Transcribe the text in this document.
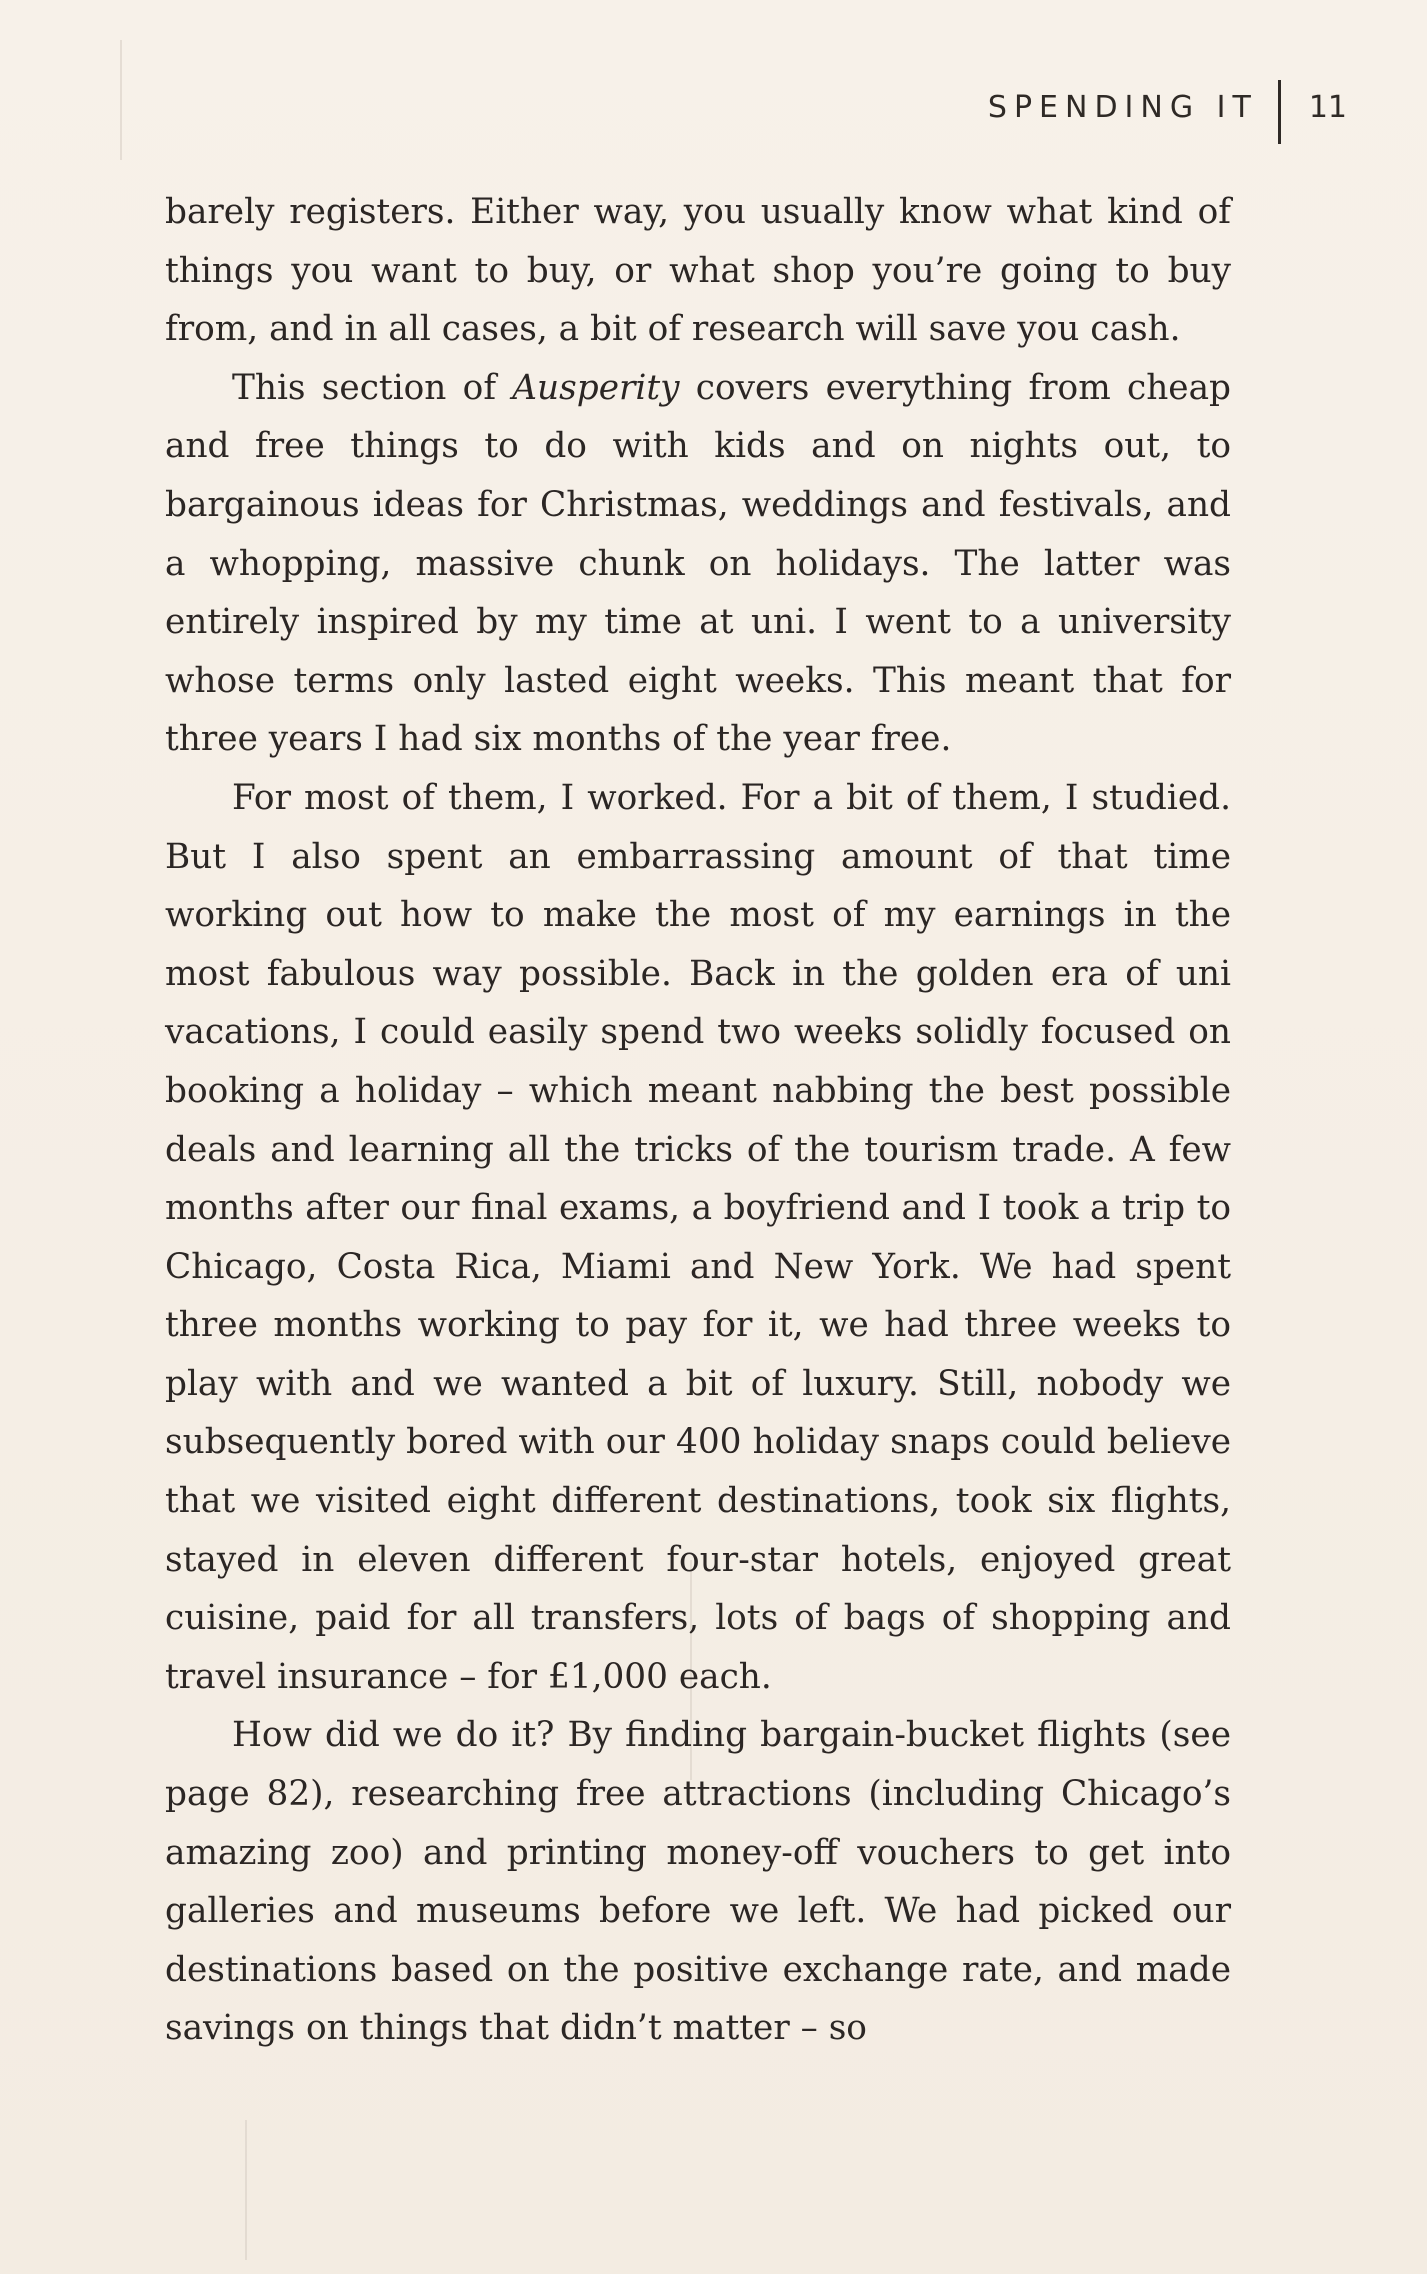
SPENDING IT 11

barely registers. Either way, you usually know what kind of things you want to buy, or what shop you’re going to buy from, and in all cases, a bit of research will save you cash.

This section of Ausperity covers everything from cheap and free things to do with kids and on nights out, to bargainous ideas for Christmas, weddings and festivals, and a whopping, massive chunk on holidays. The latter was entirely inspired by my time at uni. I went to a university whose terms only lasted eight weeks. This meant that for three years I had six months of the year free.

For most of them, I worked. For a bit of them, I studied. But I also spent an embarrassing amount of that time working out how to make the most of my earnings in the most fabulous way possible. Back in the golden era of uni vacations, I could easily spend two weeks solidly focused on booking a holiday – which meant nabbing the best possible deals and learning all the tricks of the tourism trade. A few months after our final exams, a boyfriend and I took a trip to Chicago, Costa Rica, Miami and New York. We had spent three months working to pay for it, we had three weeks to play with and we wanted a bit of luxury. Still, nobody we subsequently bored with our 400 holiday snaps could believe that we visited eight different destinations, took six flights, stayed in eleven different four-star hotels, enjoyed great cuisine, paid for all transfers, lots of bags of shopping and travel insurance – for £1,000 each.

How did we do it? By finding bargain-bucket flights (see page 82), researching free attractions (including Chicago’s amazing zoo) and printing money-off vouchers to get into galleries and museums before we left. We had picked our destinations based on the positive exchange rate, and made savings on things that didn’t matter – so
